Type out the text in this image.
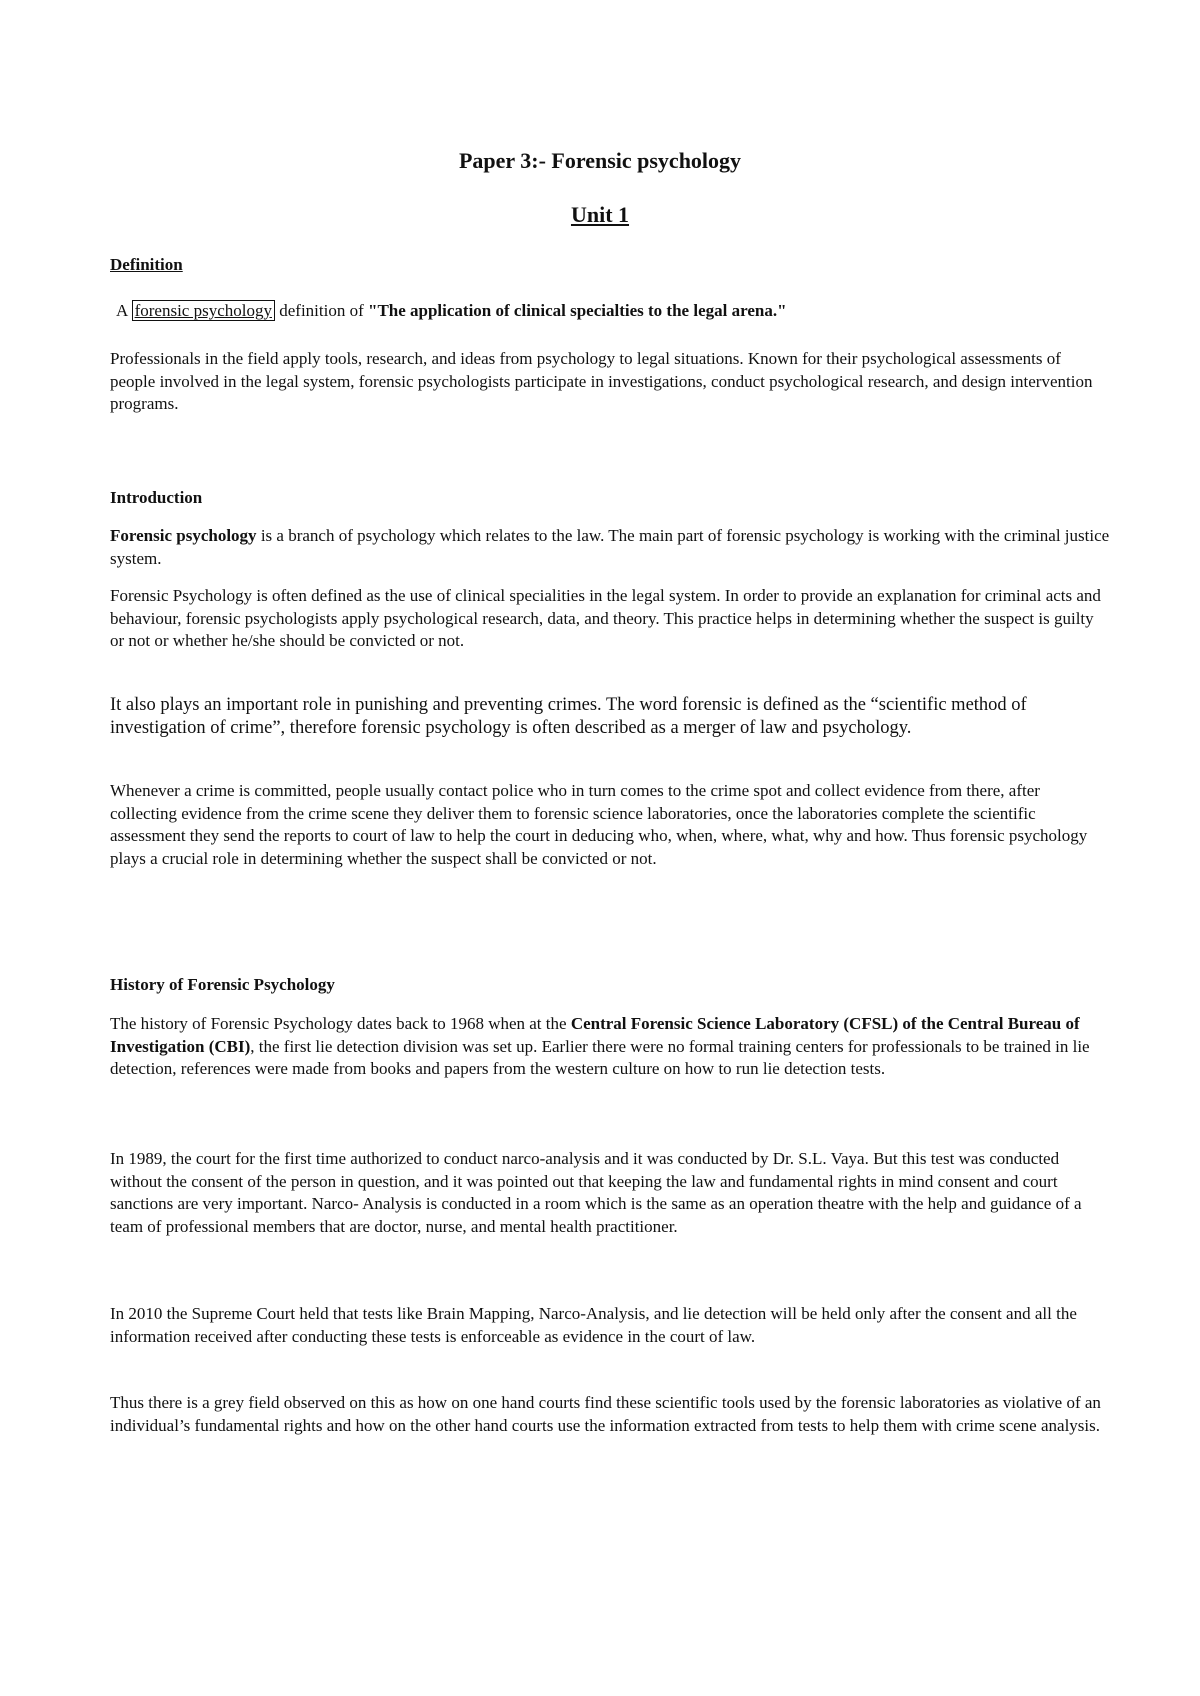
Paper 3:- Forensic psychology
Unit 1
Definition

A forensic psychology definition of "The application of clinical specialties to the legal arena."

Professionals in the field apply tools, research, and ideas from psychology to legal situations. Known for their psychological assessments of people involved in the legal system, forensic psychologists participate in investigations, conduct psychological research, and design intervention programs.

Introduction

Forensic psychology is a branch of psychology which relates to the law. The main part of forensic psychology is working with the criminal justice system.

Forensic Psychology is often defined as the use of clinical specialities in the legal system. In order to provide an explanation for criminal acts and behaviour, forensic psychologists apply psychological research, data, and theory. This practice helps in determining whether the suspect is guilty or not or whether he/she should be convicted or not.

It also plays an important role in punishing and preventing crimes. The word forensic is defined as the “scientific method of investigation of crime”, therefore forensic psychology is often described as a merger of law and psychology.

Whenever a crime is committed, people usually contact police who in turn comes to the crime spot and collect evidence from there, after collecting evidence from the crime scene they deliver them to forensic science laboratories, once the laboratories complete the scientific assessment they send the reports to court of law to help the court in deducing who, when, where, what, why and how. Thus forensic psychology plays a crucial role in determining whether the suspect shall be convicted or not.

History of Forensic Psychology

The history of Forensic Psychology dates back to 1968 when at the Central Forensic Science Laboratory (CFSL) of the Central Bureau of Investigation (CBI), the first lie detection division was set up. Earlier there were no formal training centers for professionals to be trained in lie detection, references were made from books and papers from the western culture on how to run lie detection tests.

In 1989, the court for the first time authorized to conduct narco-analysis and it was conducted by Dr. S.L. Vaya. But this test was conducted without the consent of the person in question, and it was pointed out that keeping the law and fundamental rights in mind consent and court sanctions are very important. Narco- Analysis is conducted in a room which is the same as an operation theatre with the help and guidance of a team of professional members that are doctor, nurse, and mental health practitioner.

In 2010 the Supreme Court held that tests like Brain Mapping, Narco-Analysis, and lie detection will be held only after the consent and all the information received after conducting these tests is enforceable as evidence in the court of law.

Thus there is a grey field observed on this as how on one hand courts find these scientific tools used by the forensic laboratories as violative of an individual’s fundamental rights and how on the other hand courts use the information extracted from tests to help them with crime scene analysis.
